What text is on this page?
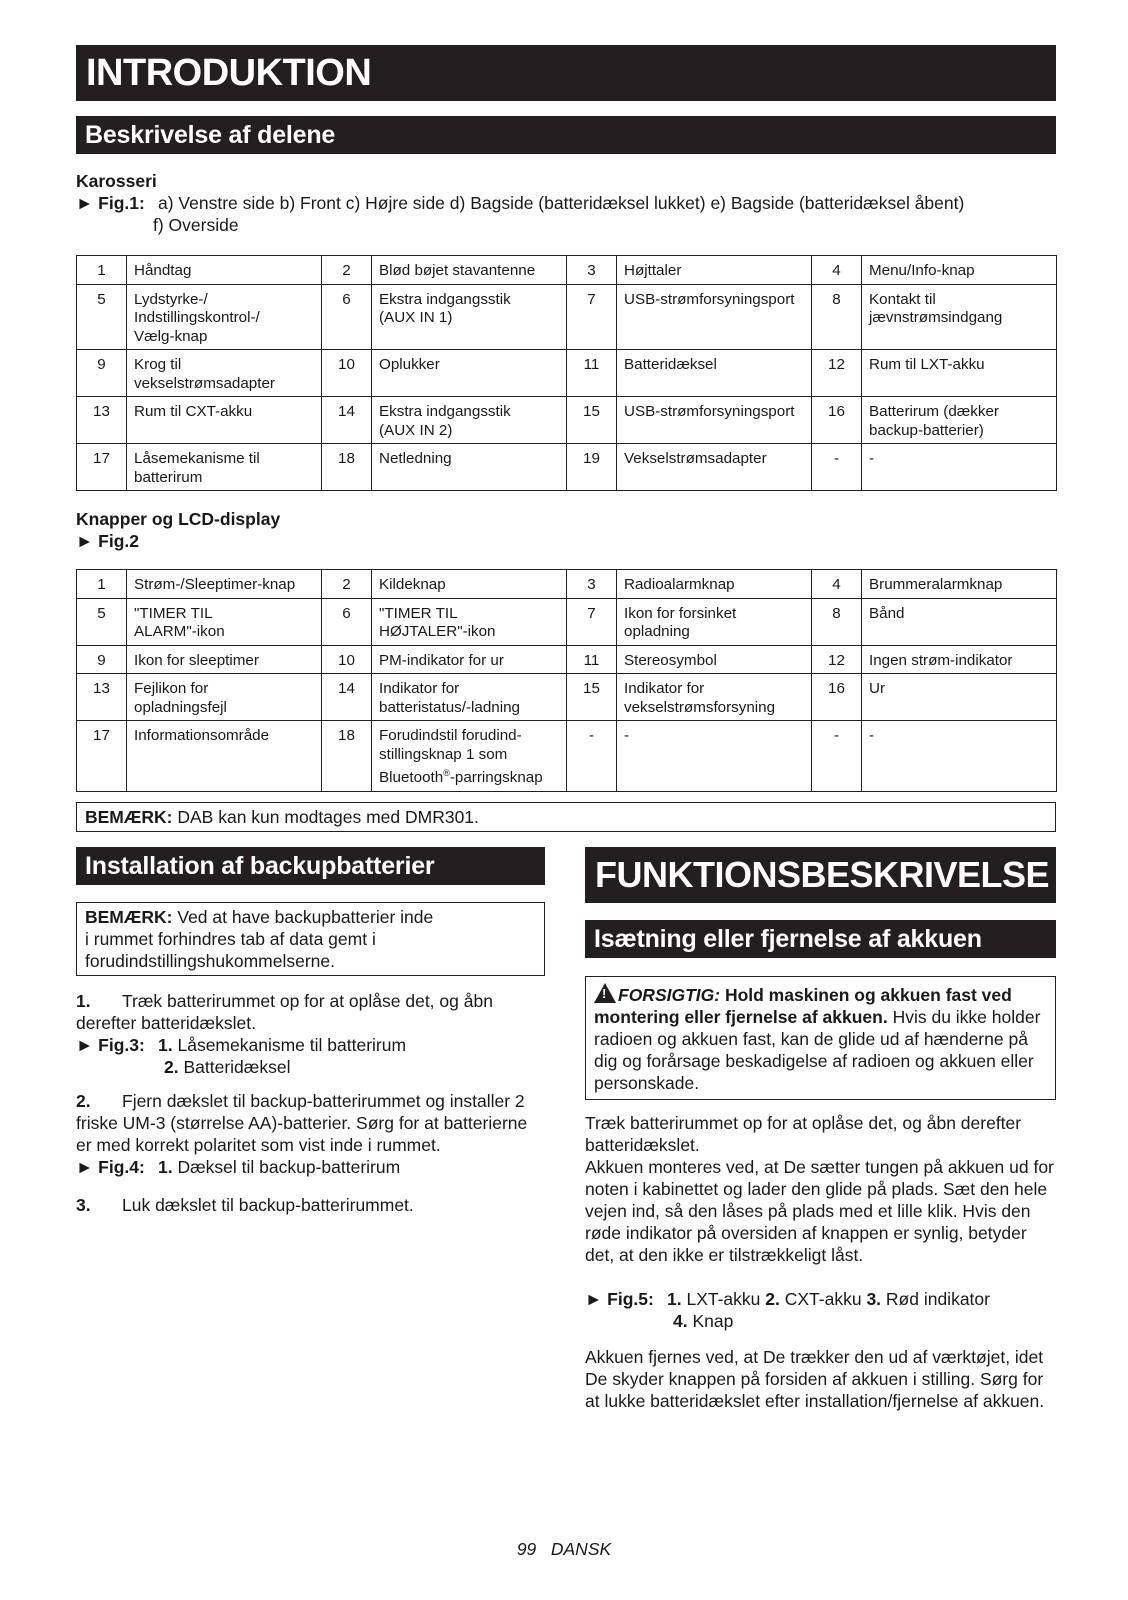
INTRODUKTION
Beskrivelse af delene
Karosseri
► Fig.1: a) Venstre side b) Front c) Højre side d) Bagside (batteridæksel lukket) e) Bagside (batteridæksel åbent)
f) Overside
1	Håndtag	2	Blød bøjet stavantenne	3	Højttaler	4	Menu/Info-knap
5	Lydstyrke-/
Indstillingskontrol-/
Vælg-knap	6	Ekstra indgangsstik
(AUX IN 1)	7	USB-strømforsyningsport	8	Kontakt til
jævnstrømsindgang
9	Krog til
vekselstrømsadapter	10	Oplukker	11	Batteridæksel	12	Rum til LXT-akku
13	Rum til CXT-akku	14	Ekstra indgangsstik
(AUX IN 2)	15	USB-strømforsyningsport	16	Batterirum (dækker
backup-batterier)
17	Låsemekanisme til
batterirum	18	Netledning	19	Vekselstrømsadapter	-	-
Knapper og LCD-display
► Fig.2
1	Strøm-/Sleeptimer-knap	2	Kildeknap	3	Radioalarmknap	4	Brummeralarmknap
5	"TIMER TIL
ALARM"-ikon	6	"TIMER TIL
HØJTALER"-ikon	7	Ikon for forsinket
opladning	8	Bånd
9	Ikon for sleeptimer	10	PM-indikator for ur	11	Stereosymbol	12	Ingen strøm-indikator
13	Fejlikon for
opladningsfejl	14	Indikator for
batteristatus/-ladning	15	Indikator for
vekselstrømsforsyning	16	Ur
17	Informationsområde	18	Forudindstil forudind-
stillingsknap 1 som
Bluetooth®-parringsknap	-	-	-	-
BEMÆRK: DAB kan kun modtages med DMR301.
Installation af backupbatterier
BEMÆRK: Ved at have backupbatterier inde i rummet forhindres tab af data gemt i forudindstillingshukommelserne.
1. Træk batterirummet op for at oplåse det, og åbn derefter batteridækslet.
► Fig.3: 1. Låsemekanisme til batterirum
2. Batteridæksel
2. Fjern dækslet til backup-batterirummet og installer 2 friske UM-3 (størrelse AA)-batterier. Sørg for at batterierne er med korrekt polaritet som vist inde i rummet.
► Fig.4: 1. Dæksel til backup-batterirum
3. Luk dækslet til backup-batterirummet.
FUNKTIONSBESKRIVELSE
Isætning eller fjernelse af akkuen
! FORSIGTIG: Hold maskinen og akkuen fast ved montering eller fjernelse af akkuen. Hvis du ikke holder radioen og akkuen fast, kan de glide ud af hænderne på dig og forårsage beskadigelse af radioen og akkuen eller personskade.
Træk batterirummet op for at oplåse det, og åbn derefter batteridækslet.
Akkuen monteres ved, at De sætter tungen på akkuen ud for noten i kabinettet og lader den glide på plads. Sæt den hele vejen ind, så den låses på plads med et lille klik. Hvis den røde indikator på oversiden af knappen er synlig, betyder det, at den ikke er tilstrækkeligt låst.
► Fig.5: 1. LXT-akku 2. CXT-akku 3. Rød indikator
4. Knap
Akkuen fjernes ved, at De trækker den ud af værktøjet, idet De skyder knappen på forsiden af akkuen i stilling. Sørg for at lukke batteridækslet efter installation/fjernelse af akkuen.
99 DANSK
